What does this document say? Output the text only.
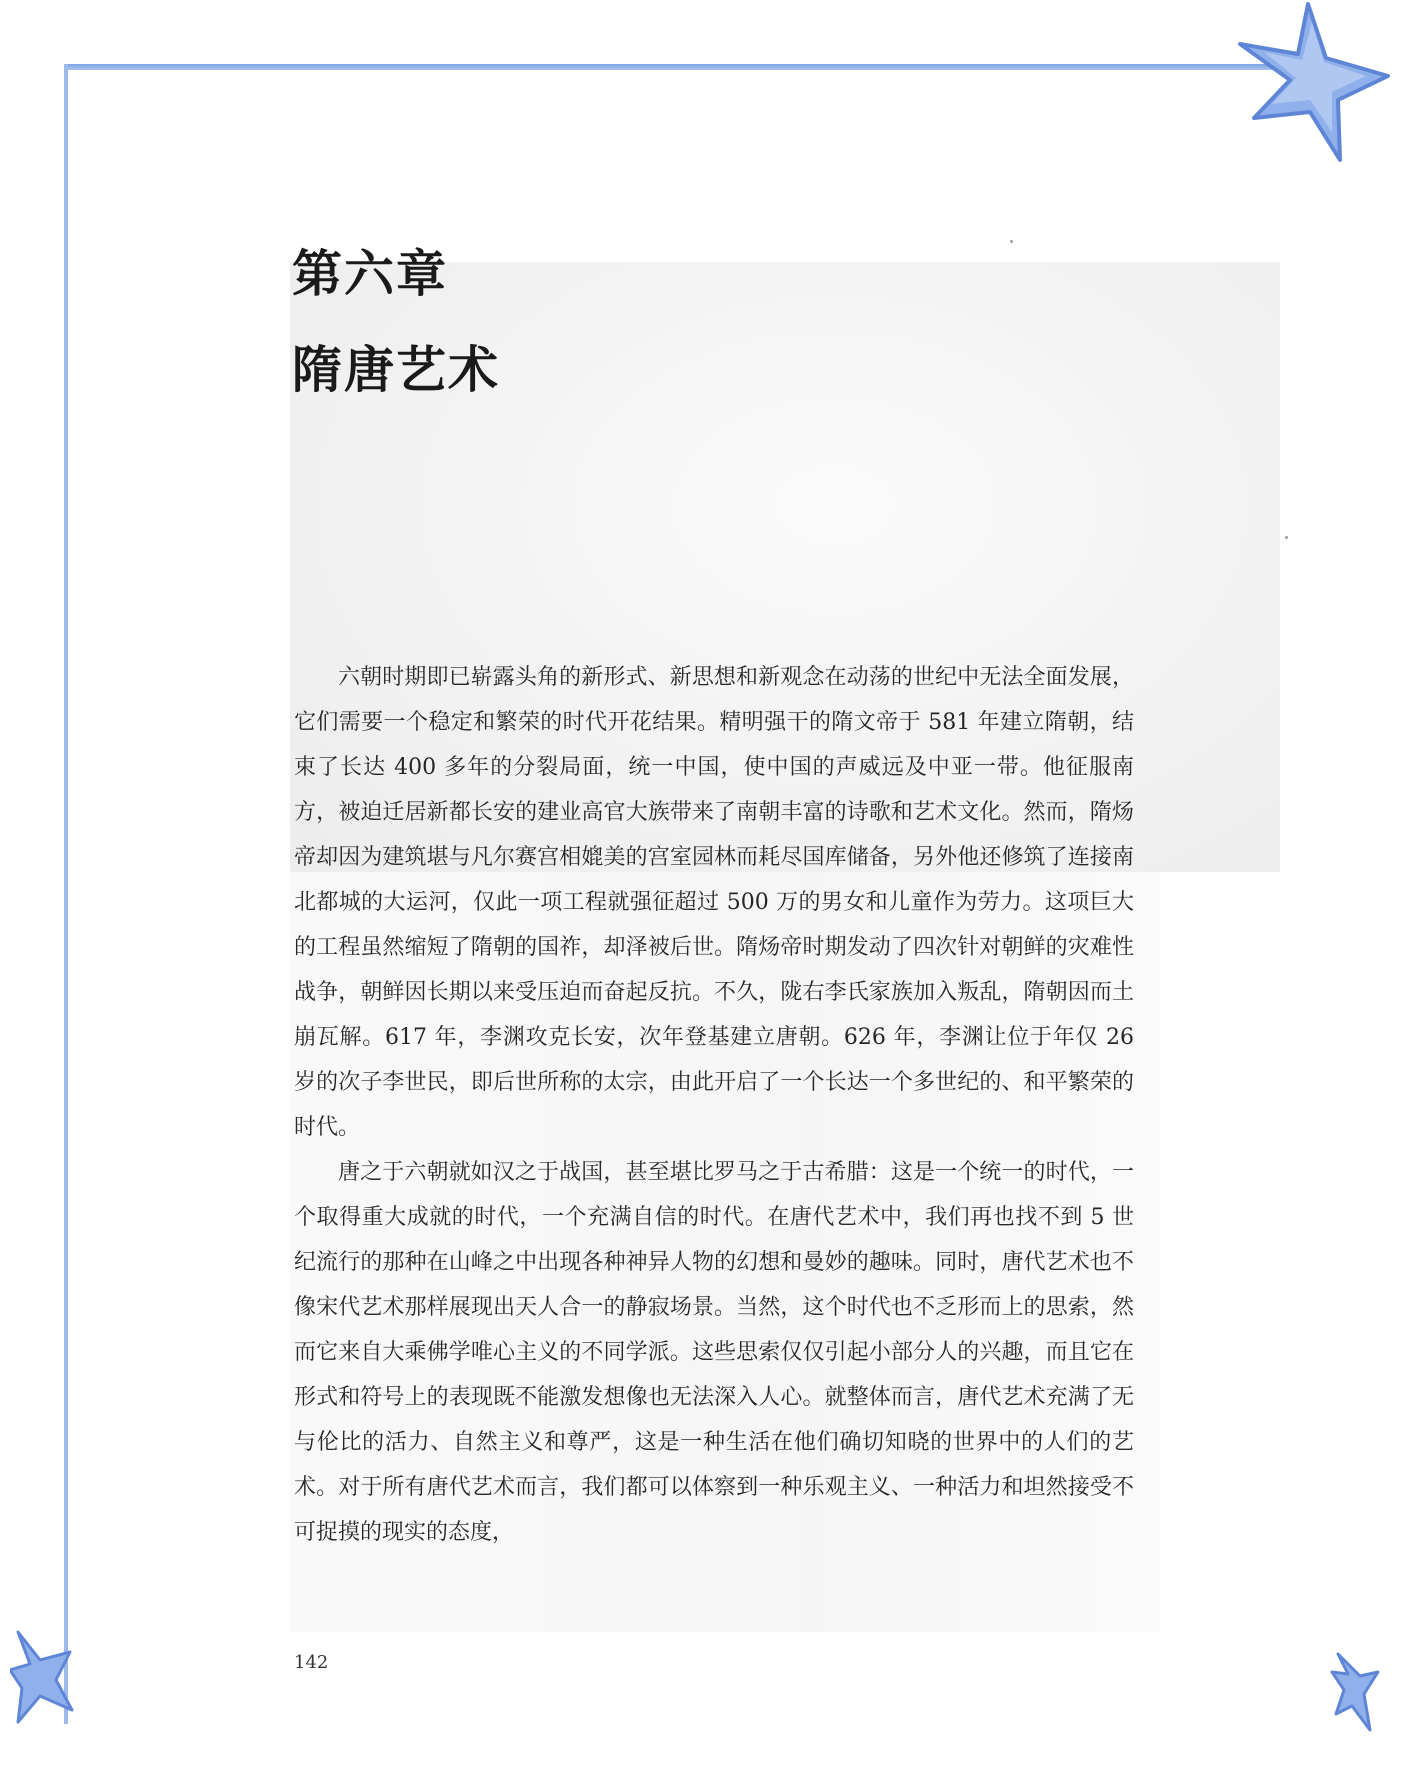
第六章
隋唐艺术

六朝时期即已崭露头角的新形式、新思想和新观念在动荡的世纪中无法全面发展，它们需要一个稳定和繁荣的时代开花结果。精明强干的隋文帝于 581 年建立隋朝，结束了长达 400 多年的分裂局面，统一中国，使中国的声威远及中亚一带。他征服南方，被迫迁居新都长安的建业高官大族带来了南朝丰富的诗歌和艺术文化。然而，隋炀帝却因为建筑堪与凡尔赛宫相媲美的宫室园林而耗尽国库储备，另外他还修筑了连接南北都城的大运河，仅此一项工程就强征超过 500 万的男女和儿童作为劳力。这项巨大的工程虽然缩短了隋朝的国祚，却泽被后世。隋炀帝时期发动了四次针对朝鲜的灾难性战争，朝鲜因长期以来受压迫而奋起反抗。不久，陇右李氏家族加入叛乱，隋朝因而土崩瓦解。617 年，李渊攻克长安，次年登基建立唐朝。626 年，李渊让位于年仅 26 岁的次子李世民，即后世所称的太宗，由此开启了一个长达一个多世纪的、和平繁荣的时代。

唐之于六朝就如汉之于战国，甚至堪比罗马之于古希腊：这是一个统一的时代，一个取得重大成就的时代，一个充满自信的时代。在唐代艺术中，我们再也找不到 5 世纪流行的那种在山峰之中出现各种神异人物的幻想和曼妙的趣味。同时，唐代艺术也不像宋代艺术那样展现出天人合一的静寂场景。当然，这个时代也不乏形而上的思索，然而它来自大乘佛学唯心主义的不同学派。这些思索仅仅引起小部分人的兴趣，而且它在形式和符号上的表现既不能激发想像也无法深入人心。就整体而言，唐代艺术充满了无与伦比的活力、自然主义和尊严，这是一种生活在他们确切知晓的世界中的人们的艺术。对于所有唐代艺术而言，我们都可以体察到一种乐观主义、一种活力和坦然接受不可捉摸的现实的态度，

142
